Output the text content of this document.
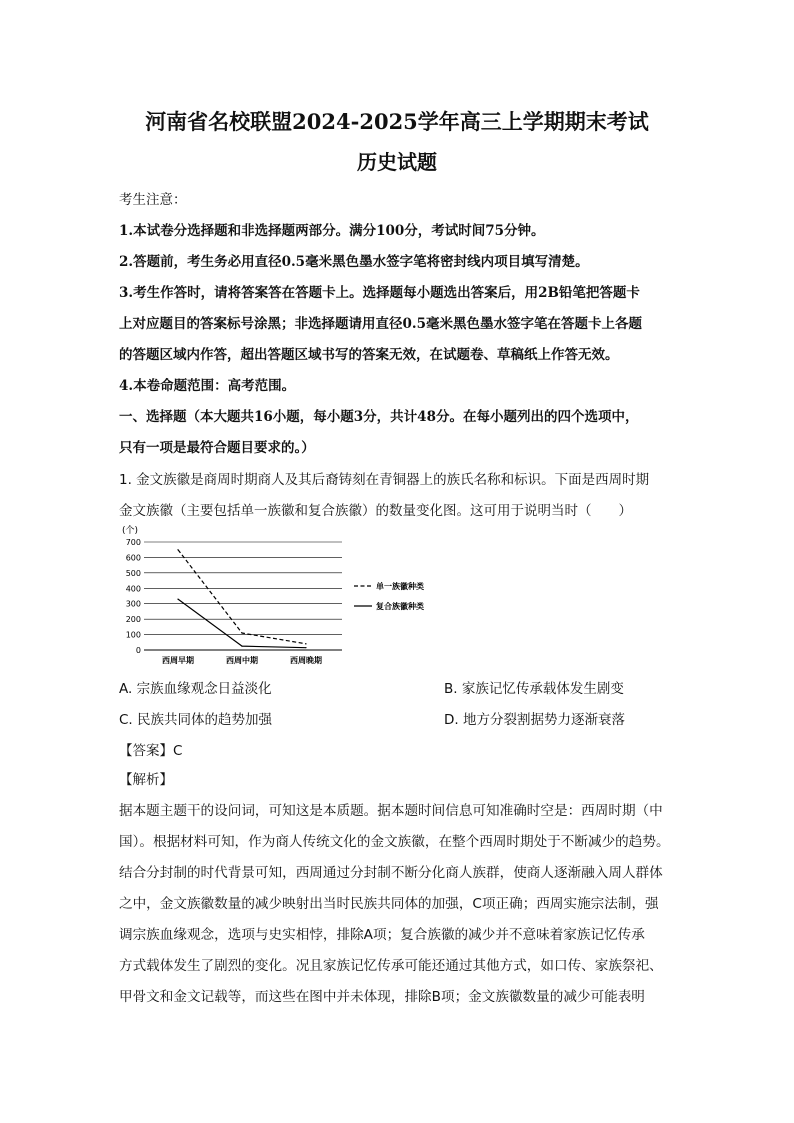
河南省名校联盟2024-2025学年高三上学期期末考试
历史试题
考生注意：
1.本试卷分选择题和非选择题两部分。满分100分，考试时间75分钟。
2.答题前，考生务必用直径0.5毫米黑色墨水签字笔将密封线内项目填写清楚。
3.考生作答时，请将答案答在答题卡上。选择题每小题选出答案后，用2B铅笔把答题卡
上对应题目的答案标号涂黑；非选择题请用直径0.5毫米黑色墨水签字笔在答题卡上各题
的答题区域内作答，超出答题区域书写的答案无效，在试题卷、草稿纸上作答无效。
4.本卷命题范围：高考范围。
一、选择题（本大题共16小题，每小题3分，共计48分。在每小题列出的四个选项中，
只有一项是最符合题目要求的。）
1. 金文族徽是商周时期商人及其后裔铸刻在青铜器上的族氏名称和标识。下面是西周时期
金文族徽（主要包括单一族徽和复合族徽）的数量变化图。这可用于说明当时（　　）
0
100
200
300
400
500
600
700
西周早期	西周中期	西周晚期
单一族徽种类
复合族徽种类
(个)
A. 宗族血缘观念日益淡化	B. 家族记忆传承载体发生剧变
C. 民族共同体的趋势加强	D. 地方分裂割据势力逐渐衰落
【答案】C
【解析】
据本题主题干的设问词，可知这是本质题。据本题时间信息可知准确时空是：西周时期（中
国）。根据材料可知，作为商人传统文化的金文族徽，在整个西周时期处于不断减少的趋势。
结合分封制的时代背景可知，西周通过分封制不断分化商人族群，使商人逐渐融入周人群体
之中，金文族徽数量的减少映射出当时民族共同体的加强，C项正确；西周实施宗法制，强
调宗族血缘观念，选项与史实相悖，排除A项；复合族徽的减少并不意味着家族记忆传承
方式载体发生了剧烈的变化。况且家族记忆传承可能还通过其他方式，如口传、家族祭祀、
甲骨文和金文记载等，而这些在图中并未体现，排除B项；金文族徽数量的减少可能表明
